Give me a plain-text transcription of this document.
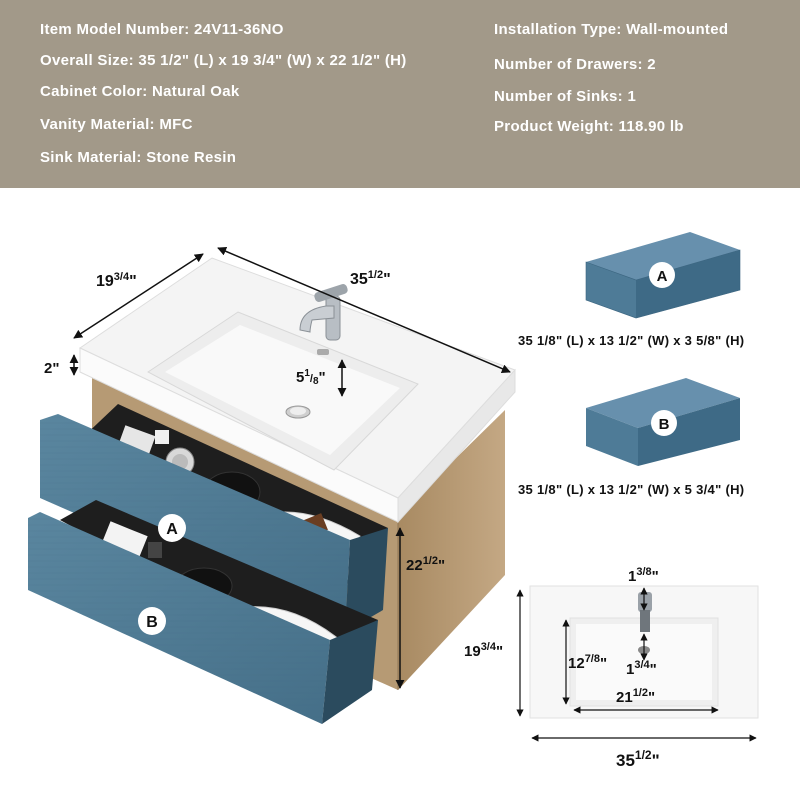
Item Model Number: 24V11-36NO
Overall Size: 35 1/2" (L) x 19 3/4" (W) x 22 1/2" (H)
Cabinet Color: Natural Oak
Vanity Material: MFC
Sink Material: Stone Resin
Installation Type: Wall-mounted
Number of Drawers: 2
Number of Sinks: 1
Product Weight: 118.90 lb
A
B
$19^{3/4}$"	$35^{1/2}$"
2"
$5^1_/8$"
$22^{1/2}$"
A
B
$1^{3/8}$"
$19^{3/4}$"
$12^{7/8}$" $1^{3/4}$"
$21^{1/2}$"
$35^{1/2}$"
35 1/8" (L) x 13 1/2" (W) x 3 5/8" (H)
35 1/8" (L) x 13 1/2" (W) x 5 3/4" (H)
